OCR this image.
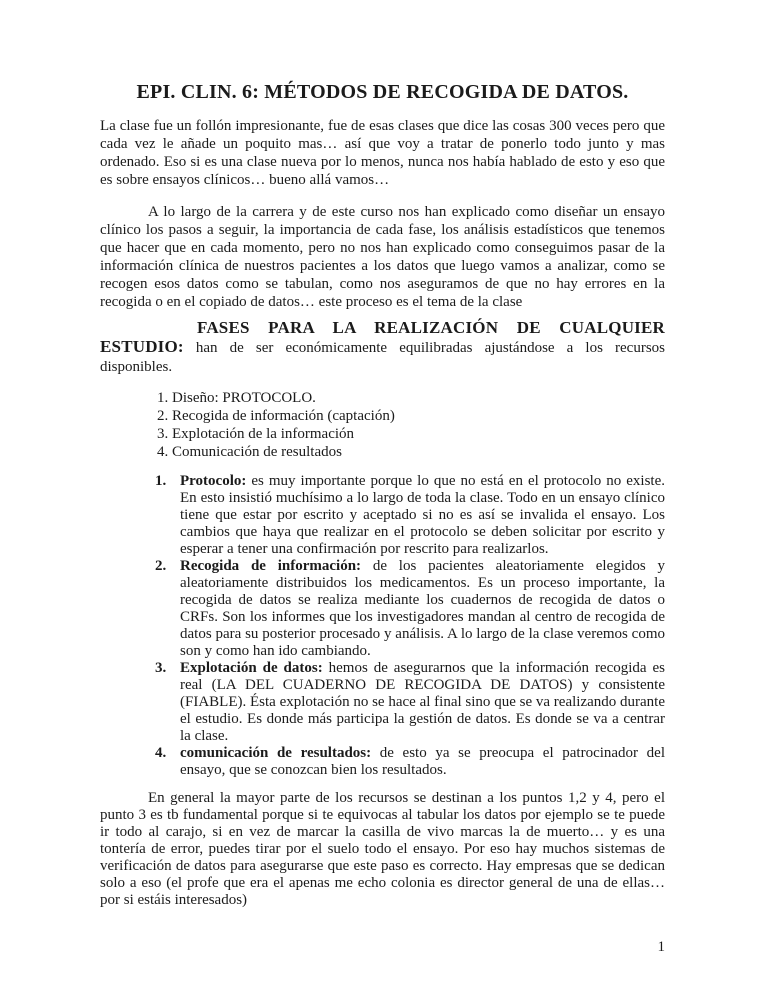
EPI. CLIN. 6: MÉTODOS DE RECOGIDA DE DATOS.

La clase fue un follón impresionante, fue de esas clases que dice las cosas 300 veces pero que cada vez le añade un poquito mas… así que voy a tratar de ponerlo todo junto y mas ordenado. Eso si es una clase nueva por lo menos, nunca nos había hablado de esto y eso que es sobre ensayos clínicos… bueno allá vamos…

A lo largo de la carrera y de este curso nos han explicado como diseñar un ensayo clínico los pasos a seguir, la importancia de cada fase, los análisis estadísticos que tenemos que hacer que en cada momento, pero no nos han explicado como conseguimos pasar de la información clínica de nuestros pacientes a los datos que luego vamos a analizar, como se recogen esos datos como se tabulan, como nos aseguramos de que no hay errores en la recogida o en el copiado de datos… este proceso es el tema de la clase

FASES PARA LA REALIZACIÓN DE CUALQUIER ESTUDIO: han de ser económicamente equilibradas ajustándose a los recursos disponibles.

1. Diseño: PROTOCOLO.

2. Recogida de información (captación)

3. Explotación de la información

4. Comunicación de resultados

1. Protocolo: es muy importante porque lo que no está en el protocolo no existe. En esto insistió muchísimo a lo largo de toda la clase. Todo en un ensayo clínico tiene que estar por escrito y aceptado si no es así se invalida el ensayo. Los cambios que haya que realizar en el protocolo se deben solicitar por escrito y esperar a tener una confirmación por rescrito para realizarlos.
2. Recogida de información: de los pacientes aleatoriamente elegidos y aleatoriamente distribuidos los medicamentos. Es un proceso importante, la recogida de datos se realiza mediante los cuadernos de recogida de datos o CRFs. Son los informes que los investigadores mandan al centro de recogida de datos para su posterior procesado y análisis. A lo largo de la clase veremos como son y como han ido cambiando.
3. Explotación de datos: hemos de asegurarnos que la información recogida es real (LA DEL CUADERNO DE RECOGIDA DE DATOS) y consistente (FIABLE). Ésta explotación no se hace al final sino que se va realizando durante el estudio. Es donde más participa la gestión de datos. Es donde se va a centrar la clase.
4. comunicación de resultados: de esto ya se preocupa el patrocinador del ensayo, que se conozcan bien los resultados.

En general la mayor parte de los recursos se destinan a los puntos 1,2 y 4, pero el punto 3 es tb fundamental porque si te equivocas al tabular los datos por ejemplo se te puede ir todo al carajo, si en vez de marcar la casilla de vivo marcas la de muerto… y es una tontería de error, puedes tirar por el suelo todo el ensayo. Por eso hay muchos sistemas de verificación de datos para asegurarse que este paso es correcto. Hay empresas que se dedican solo a eso (el profe que era el apenas me echo colonia es director general de una de ellas… por si estáis interesados)

1
